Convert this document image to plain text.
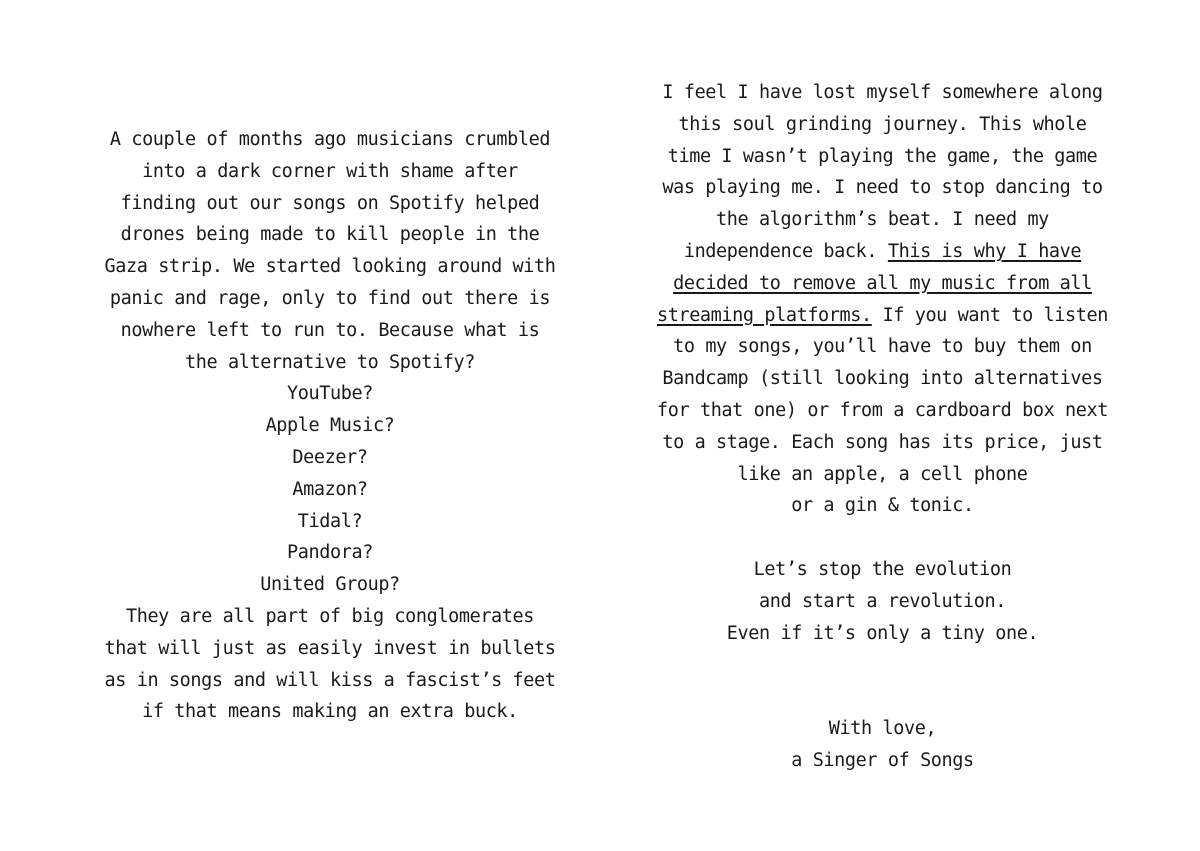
A couple of months ago musicians crumbled
into a dark corner with shame after
finding out our songs on Spotify helped
drones being made to kill people in the
Gaza strip. We started looking around with
panic and rage, only to find out there is
nowhere left to run to. Because what is
the alternative to Spotify?
YouTube?
Apple Music?
Deezer?
Amazon?
Tidal?
Pandora?
United Group?
They are all part of big conglomerates
that will just as easily invest in bullets
as in songs and will kiss a fascist’s feet
if that means making an extra buck.
I feel I have lost myself somewhere along
this soul grinding journey. This whole
time I wasn’t playing the game, the game
was playing me. I need to stop dancing to
the algorithm’s beat. I need my
independence back. This is why I have
decided to remove all my music from all
streaming platforms. If you want to listen
to my songs, you’ll have to buy them on
Bandcamp (still looking into alternatives
for that one) or from a cardboard box next
to a stage. Each song has its price, just
like an apple, a cell phone
or a gin & tonic.
Let’s stop the evolution
and start a revolution.
Even if it’s only a tiny one.
With love,
a Singer of Songs
